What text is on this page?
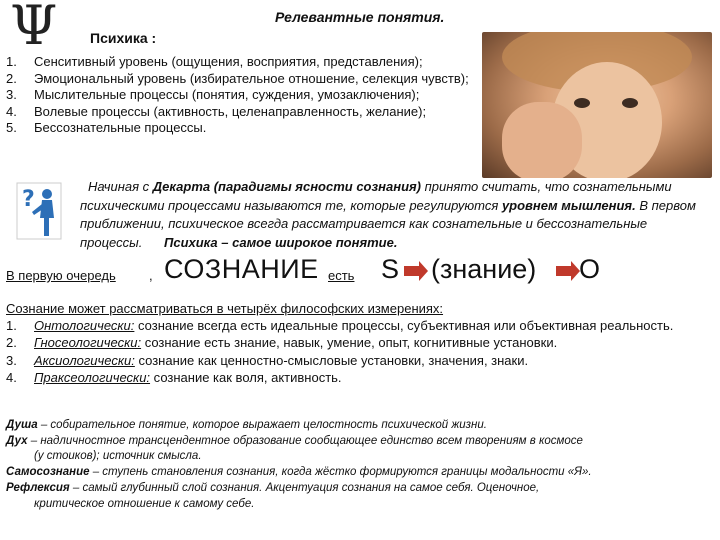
Ψ Психика :
Релевантные понятия.
1. Сенситивный уровень (ощущения, восприятия, представления);
2. Эмоциональный уровень (избирательное отношение, селекция чувств);
3. Мыслительные процессы (понятия, суждения, умозаключения);
4. Волевые процессы (активность, целенаправленность, желание);
5. Бессознательные процессы.
?
Начиная с Декарта (парадигмы ясности сознания) принято считать, что сознательными психическими процессами называются те, которые регулируются уровнем мышления. В первом приближении, психическое всегда рассматривается как сознательные и бессознательные процессы. Психика – самое широкое понятие.
В первую очередь	, СОЗНАНИЕ есть S (знание) О
Сознание может рассматриваться в четырёх философских измерениях:
1. Онтологически: сознание всегда есть идеальные процессы, субъективная или объективная реальность.
2. Гносеологически: сознание есть знание, навык, умение, опыт, когнитивные установки.
3. Аксиологически: сознание как ценностно-смысловые установки, значения, знаки.
4. Праксеологически: сознание как воля, активность.
Душа – собирательное понятие, которое выражает целостность психической жизни.
Дух – надличностное трансцендентное образование сообщающее единство всем творениям в космосе
(у стоиков); источник смысла.
Самосознание – ступень становления сознания, когда жёстко формируются границы модальности «Я».
Рефлексия – самый глубинный слой сознания. Акцентуация сознания на самое себя. Оценочное,
критическое отношение к самому себе.
